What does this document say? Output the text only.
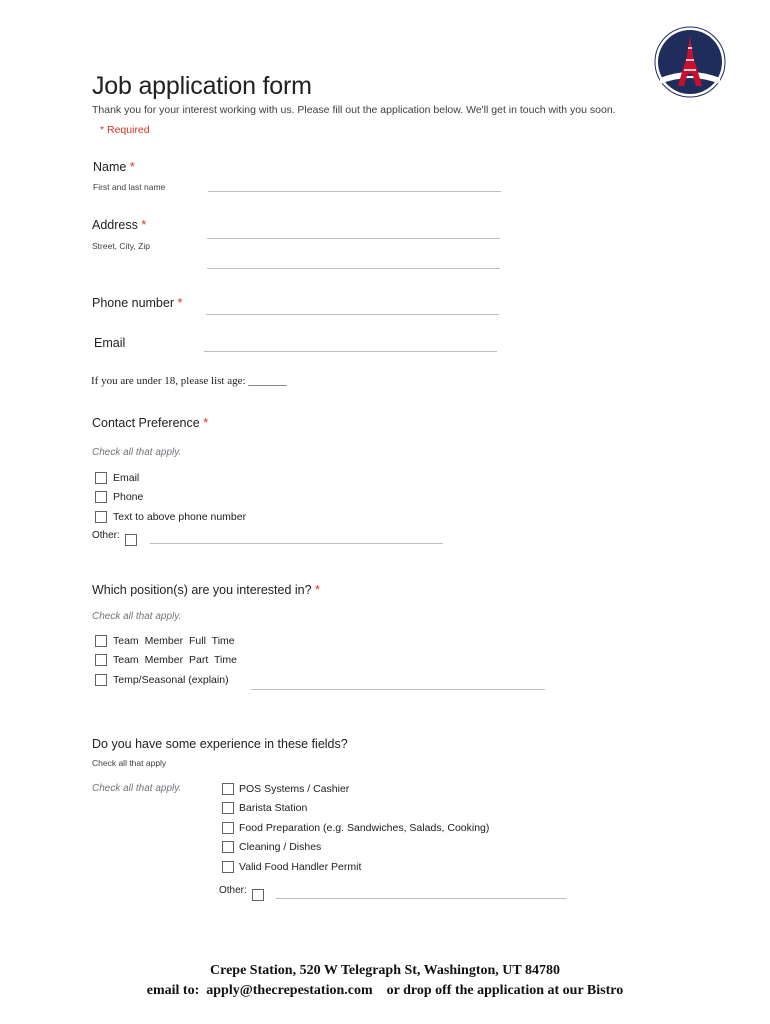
Job application form
Thank you for your interest working with us. Please fill out the application below. We'll get in touch with you soon.
* Required
Name *
First and last name
Address *
Street, City, Zip
Phone number *
Email
If you are under 18, please list age: _______
Contact Preference *
Check all that apply.
Email
Phone
Text to above phone number
Other:
Which position(s) are you interested in? *
Check all that apply.
Team Member Full Time
Team Member Part Time
Temp/Seasonal (explain)
Do you have some experience in these fields?
Check all that apply
Check all that apply.	POS Systems / Cashier
Barista Station
Food Preparation (e.g. Sandwiches, Salads, Cooking)
Cleaning / Dishes
Valid Food Handler Permit
Other:
Crepe Station, 520 W Telegraph St, Washington, UT 84780
email to:  apply@thecrepestation.com    or drop off the application at our Bistro
